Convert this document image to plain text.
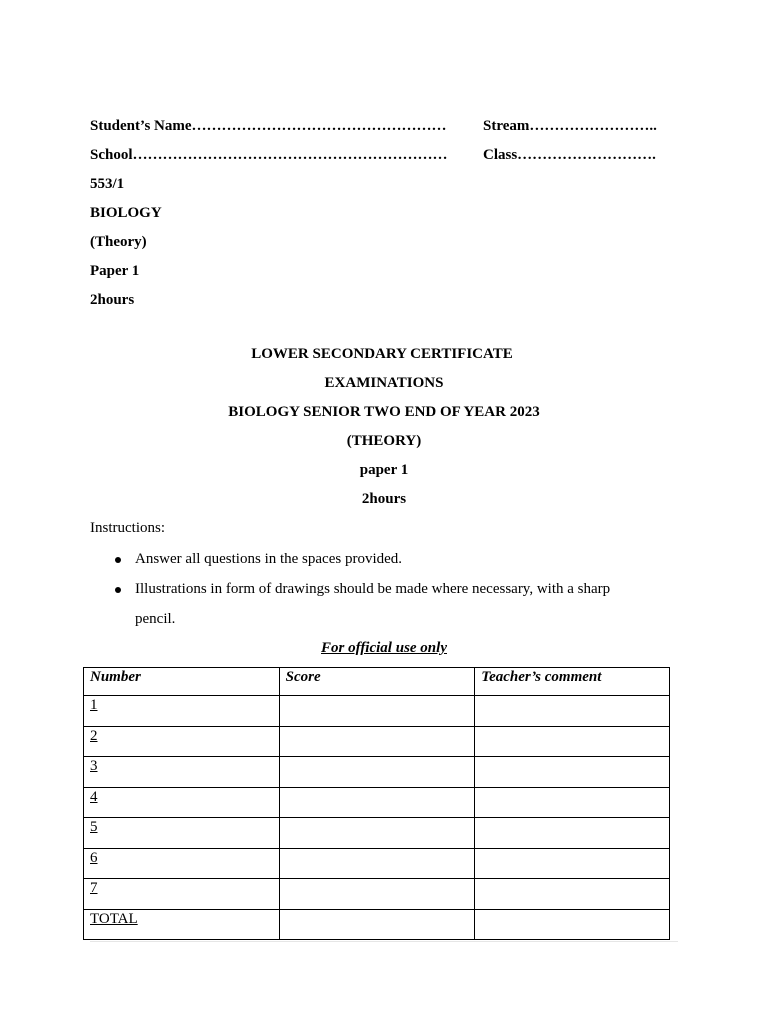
Student’s Name…………………………………………… Stream……………………..
School……………………………………………………… Class……………………….
553/1
BIOLOGY
(Theory)
Paper 1
2hours
LOWER SECONDARY CERTIFICATE
EXAMINATIONS
BIOLOGY SENIOR TWO END OF YEAR 2023
(THEORY)
paper 1
2hours
Instructions:
Answer all questions in the spaces provided.
Illustrations in form of drawings should be made where necessary, with a sharp
pencil.
For official use only
Number	Score	Teacher’s comment
1		
2		
3		
4		
5		
6		
7		
TOTAL		
